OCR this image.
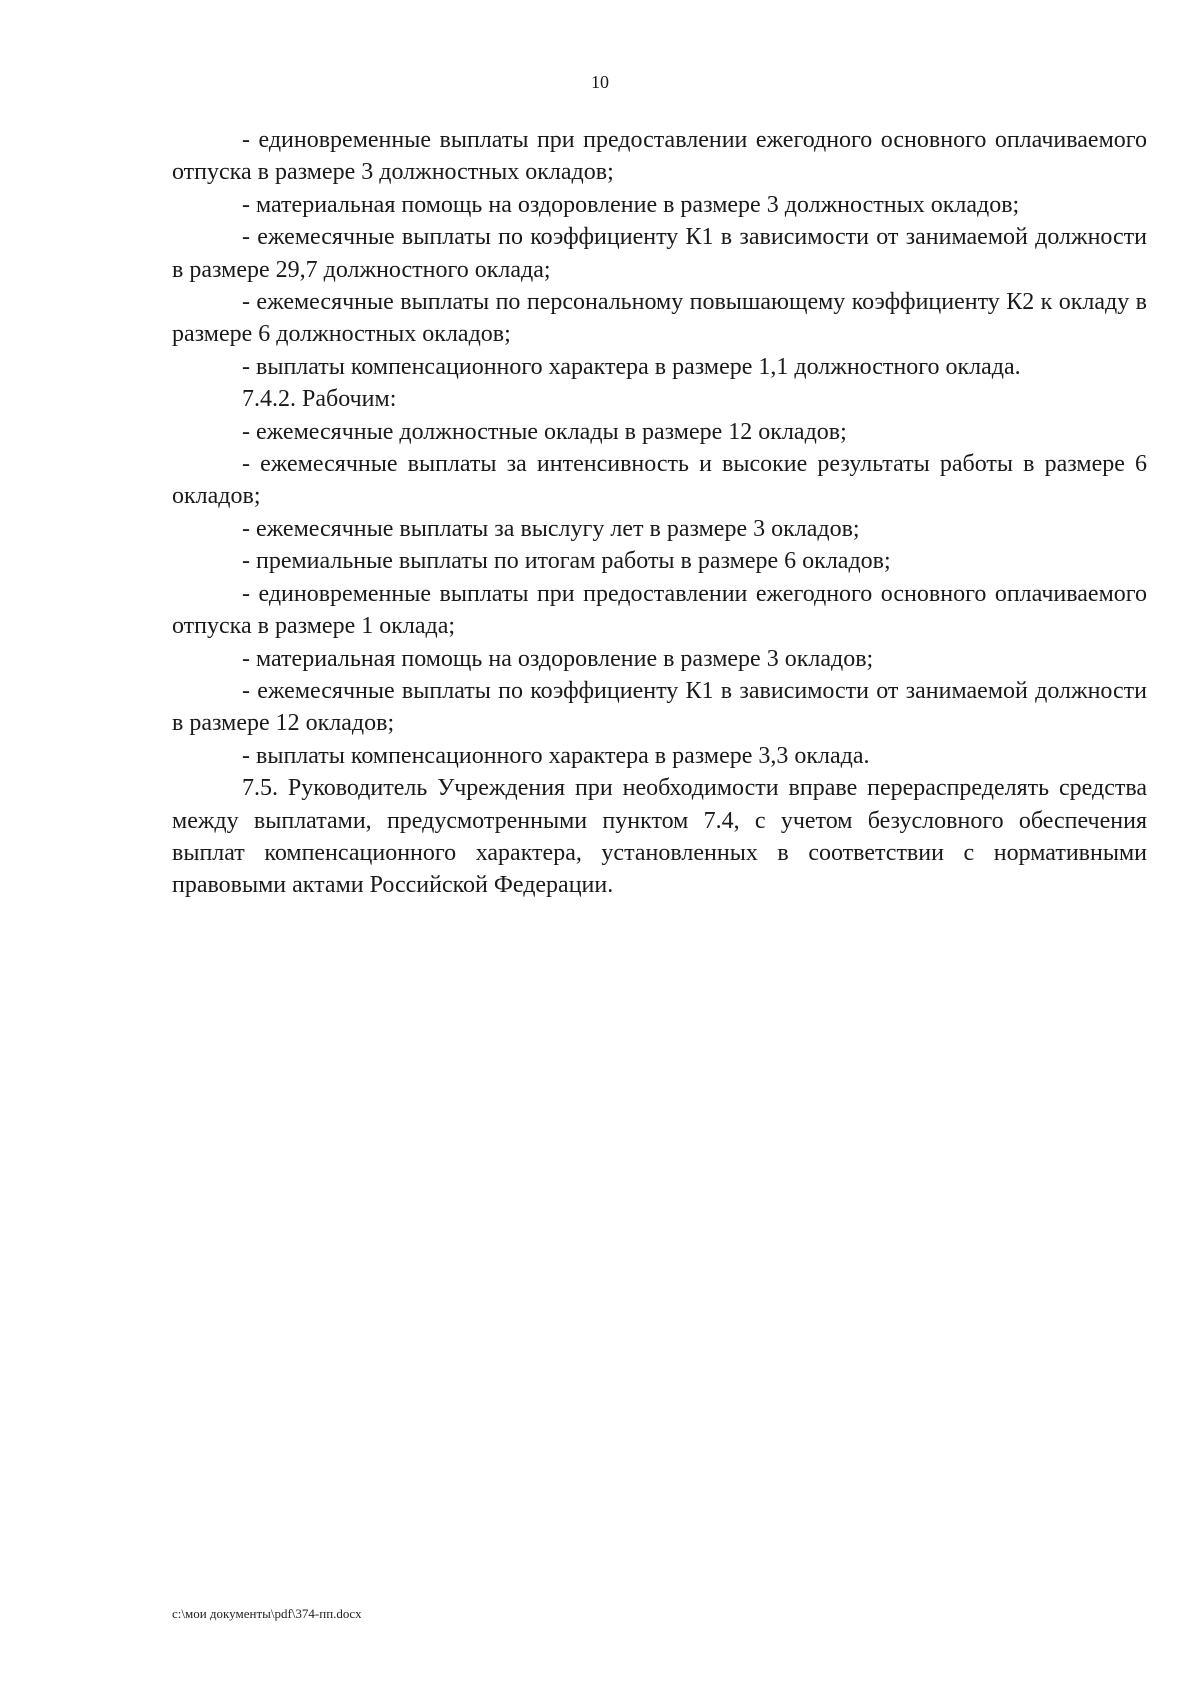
10

- единовременные выплаты при предоставлении ежегодного основного оплачиваемого отпуска в размере 3 должностных окладов;

- материальная помощь на оздоровление в размере 3 должностных окладов;

- ежемесячные выплаты по коэффициенту К1 в зависимости от занимаемой должности в размере 29,7 должностного оклада;

- ежемесячные выплаты по персональному повышающему коэффициенту К2 к окладу в размере 6 должностных окладов;

- выплаты компенсационного характера в размере 1,1 должностного оклада.

7.4.2. Рабочим:

- ежемесячные должностные оклады в размере 12 окладов;

- ежемесячные выплаты за интенсивность и высокие результаты работы в размере 6 окладов;

- ежемесячные выплаты за выслугу лет в размере 3 окладов;

- премиальные выплаты по итогам работы в размере 6 окладов;

- единовременные выплаты при предоставлении ежегодного основного оплачиваемого отпуска в размере 1 оклада;

- материальная помощь на оздоровление в размере 3 окладов;

- ежемесячные выплаты по коэффициенту К1 в зависимости от занимаемой должности в размере 12 окладов;

- выплаты компенсационного характера в размере 3,3 оклада.

7.5. Руководитель Учреждения при необходимости вправе перераспределять средства между выплатами, предусмотренными пунктом 7.4, с учетом безусловного обеспечения выплат компенсационного характера, установленных в соответствии с нормативными правовыми актами Российской Федерации.

c:\мои документы\pdf\374-пп.docx
